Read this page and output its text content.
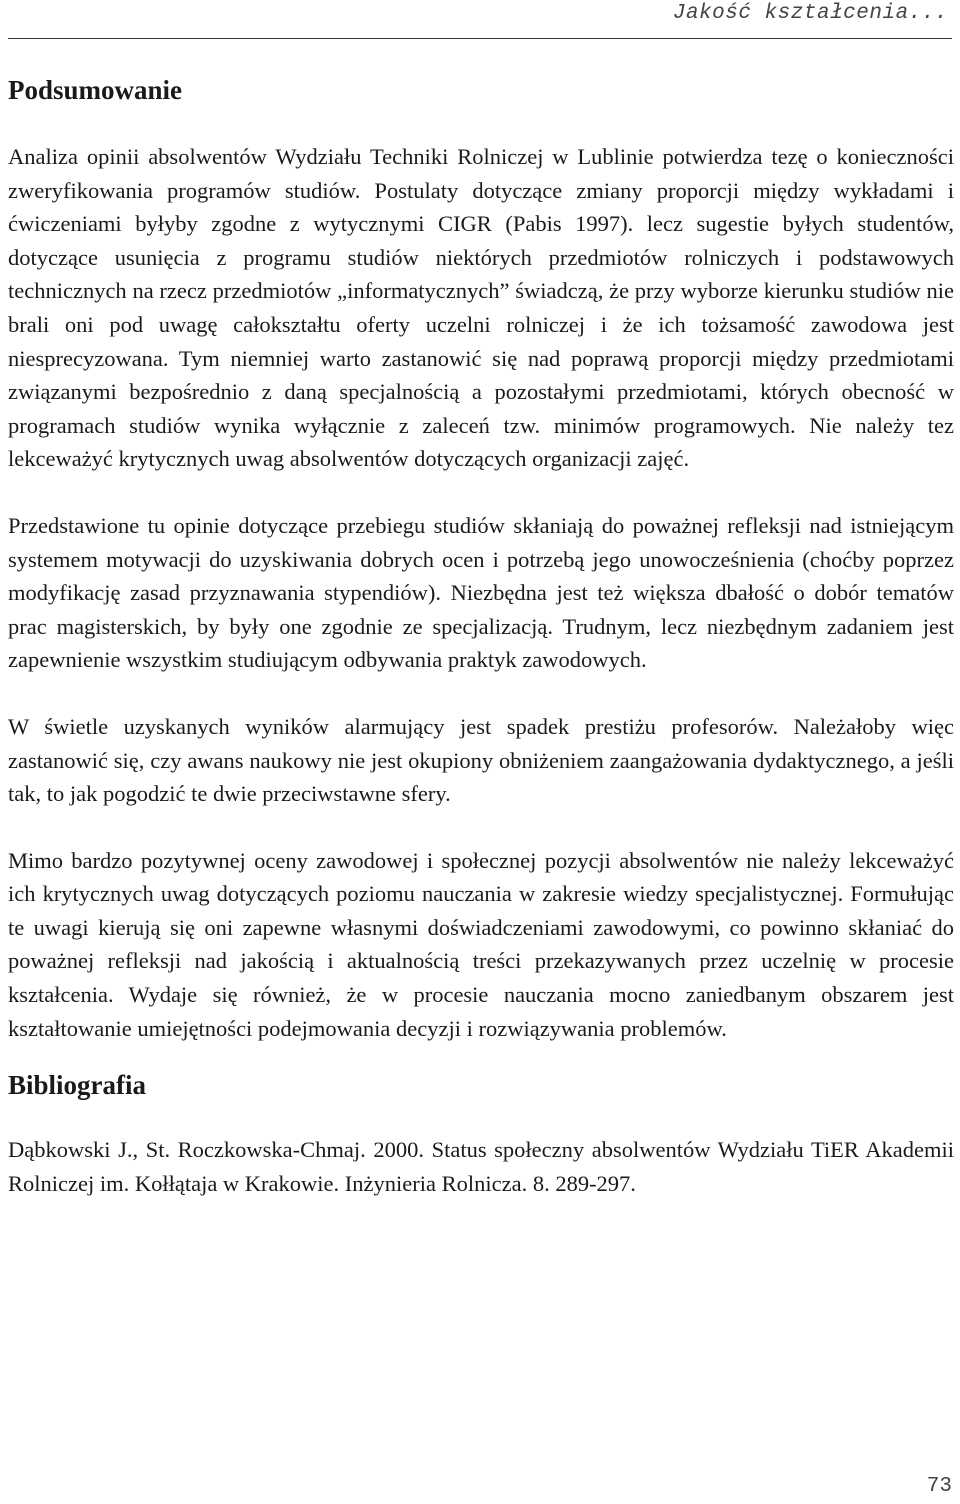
Jakość kształcenia...
Podsumowanie

Analiza opinii absolwentów Wydziału Techniki Rolniczej w Lublinie potwierdza tezę o konieczności zweryfikowania programów studiów. Postulaty dotyczące zmiany proporcji między wykładami i ćwiczeniami byłyby zgodne z wytycznymi CIGR (Pabis 1997). lecz sugestie byłych studentów, dotyczące usunięcia z programu studiów niektórych przedmiotów rolniczych i podstawowych technicznych na rzecz przedmiotów „informatycznych” świadczą, że przy wyborze kierunku studiów nie brali oni pod uwagę całokształtu oferty uczelni rolniczej i że ich tożsamość zawodowa jest niesprecyzowana. Tym niemniej warto zastanowić się nad poprawą proporcji między przedmiotami związanymi bezpośrednio z daną specjalnością a pozostałymi przedmiotami, których obecność w programach studiów wynika wyłącznie z zaleceń tzw. minimów programowych. Nie należy tez lekceważyć krytycznych uwag absolwentów dotyczących organizacji zajęć.

Przedstawione tu opinie dotyczące przebiegu studiów skłaniają do poważnej refleksji nad istniejącym systemem motywacji do uzyskiwania dobrych ocen i potrzebą jego unowocześnienia (choćby poprzez modyfikację zasad przyznawania stypendiów). Niezbędna jest też większa dbałość o dobór tematów prac magisterskich, by były one zgodnie ze specjalizacją. Trudnym, lecz niezbędnym zadaniem jest zapewnienie wszystkim studiującym odbywania praktyk zawodowych.

W świetle uzyskanych wyników alarmujący jest spadek prestiżu profesorów. Należałoby więc zastanowić się, czy awans naukowy nie jest okupiony obniżeniem zaangażowania dydaktycznego, a jeśli tak, to jak pogodzić te dwie przeciwstawne sfery.

Mimo bardzo pozytywnej oceny zawodowej i społecznej pozycji absolwentów nie należy lekceważyć ich krytycznych uwag dotyczących poziomu nauczania w zakresie wiedzy specjalistycznej. Formułując te uwagi kierują się oni zapewne własnymi doświadczeniami zawodowymi, co powinno skłaniać do poważnej refleksji nad jakością i aktualnością treści przekazywanych przez uczelnię w procesie kształcenia. Wydaje się również, że w procesie nauczania mocno zaniedbanym obszarem jest kształtowanie umiejętności podejmowania decyzji i rozwiązywania problemów.

Bibliografia

Dąbkowski J., St. Roczkowska-Chmaj. 2000. Status społeczny absolwentów Wydziału TiER Akademii Rolniczej im. Kołłątaja w Krakowie. Inżynieria Rolnicza. 8. 289-297.

73
